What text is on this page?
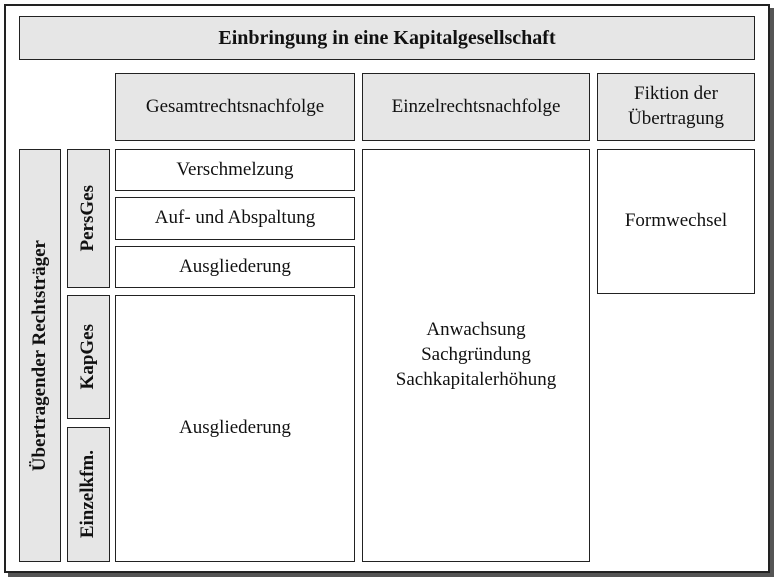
Einbringung in eine Kapitalgesellschaft
Gesamtrechtsnachfolge	Einzelrechtsnachfolge
Fiktion der
Übertragung
Übertragender Rechtsträger
PersGes
KapGes
Einzelkfm.
Verschmelzung
Auf- und Abspaltung
Ausgliederung
Ausgliederung
Anwachsung
Sachgründung
Sachkapitalerhöhung
Formwechsel
